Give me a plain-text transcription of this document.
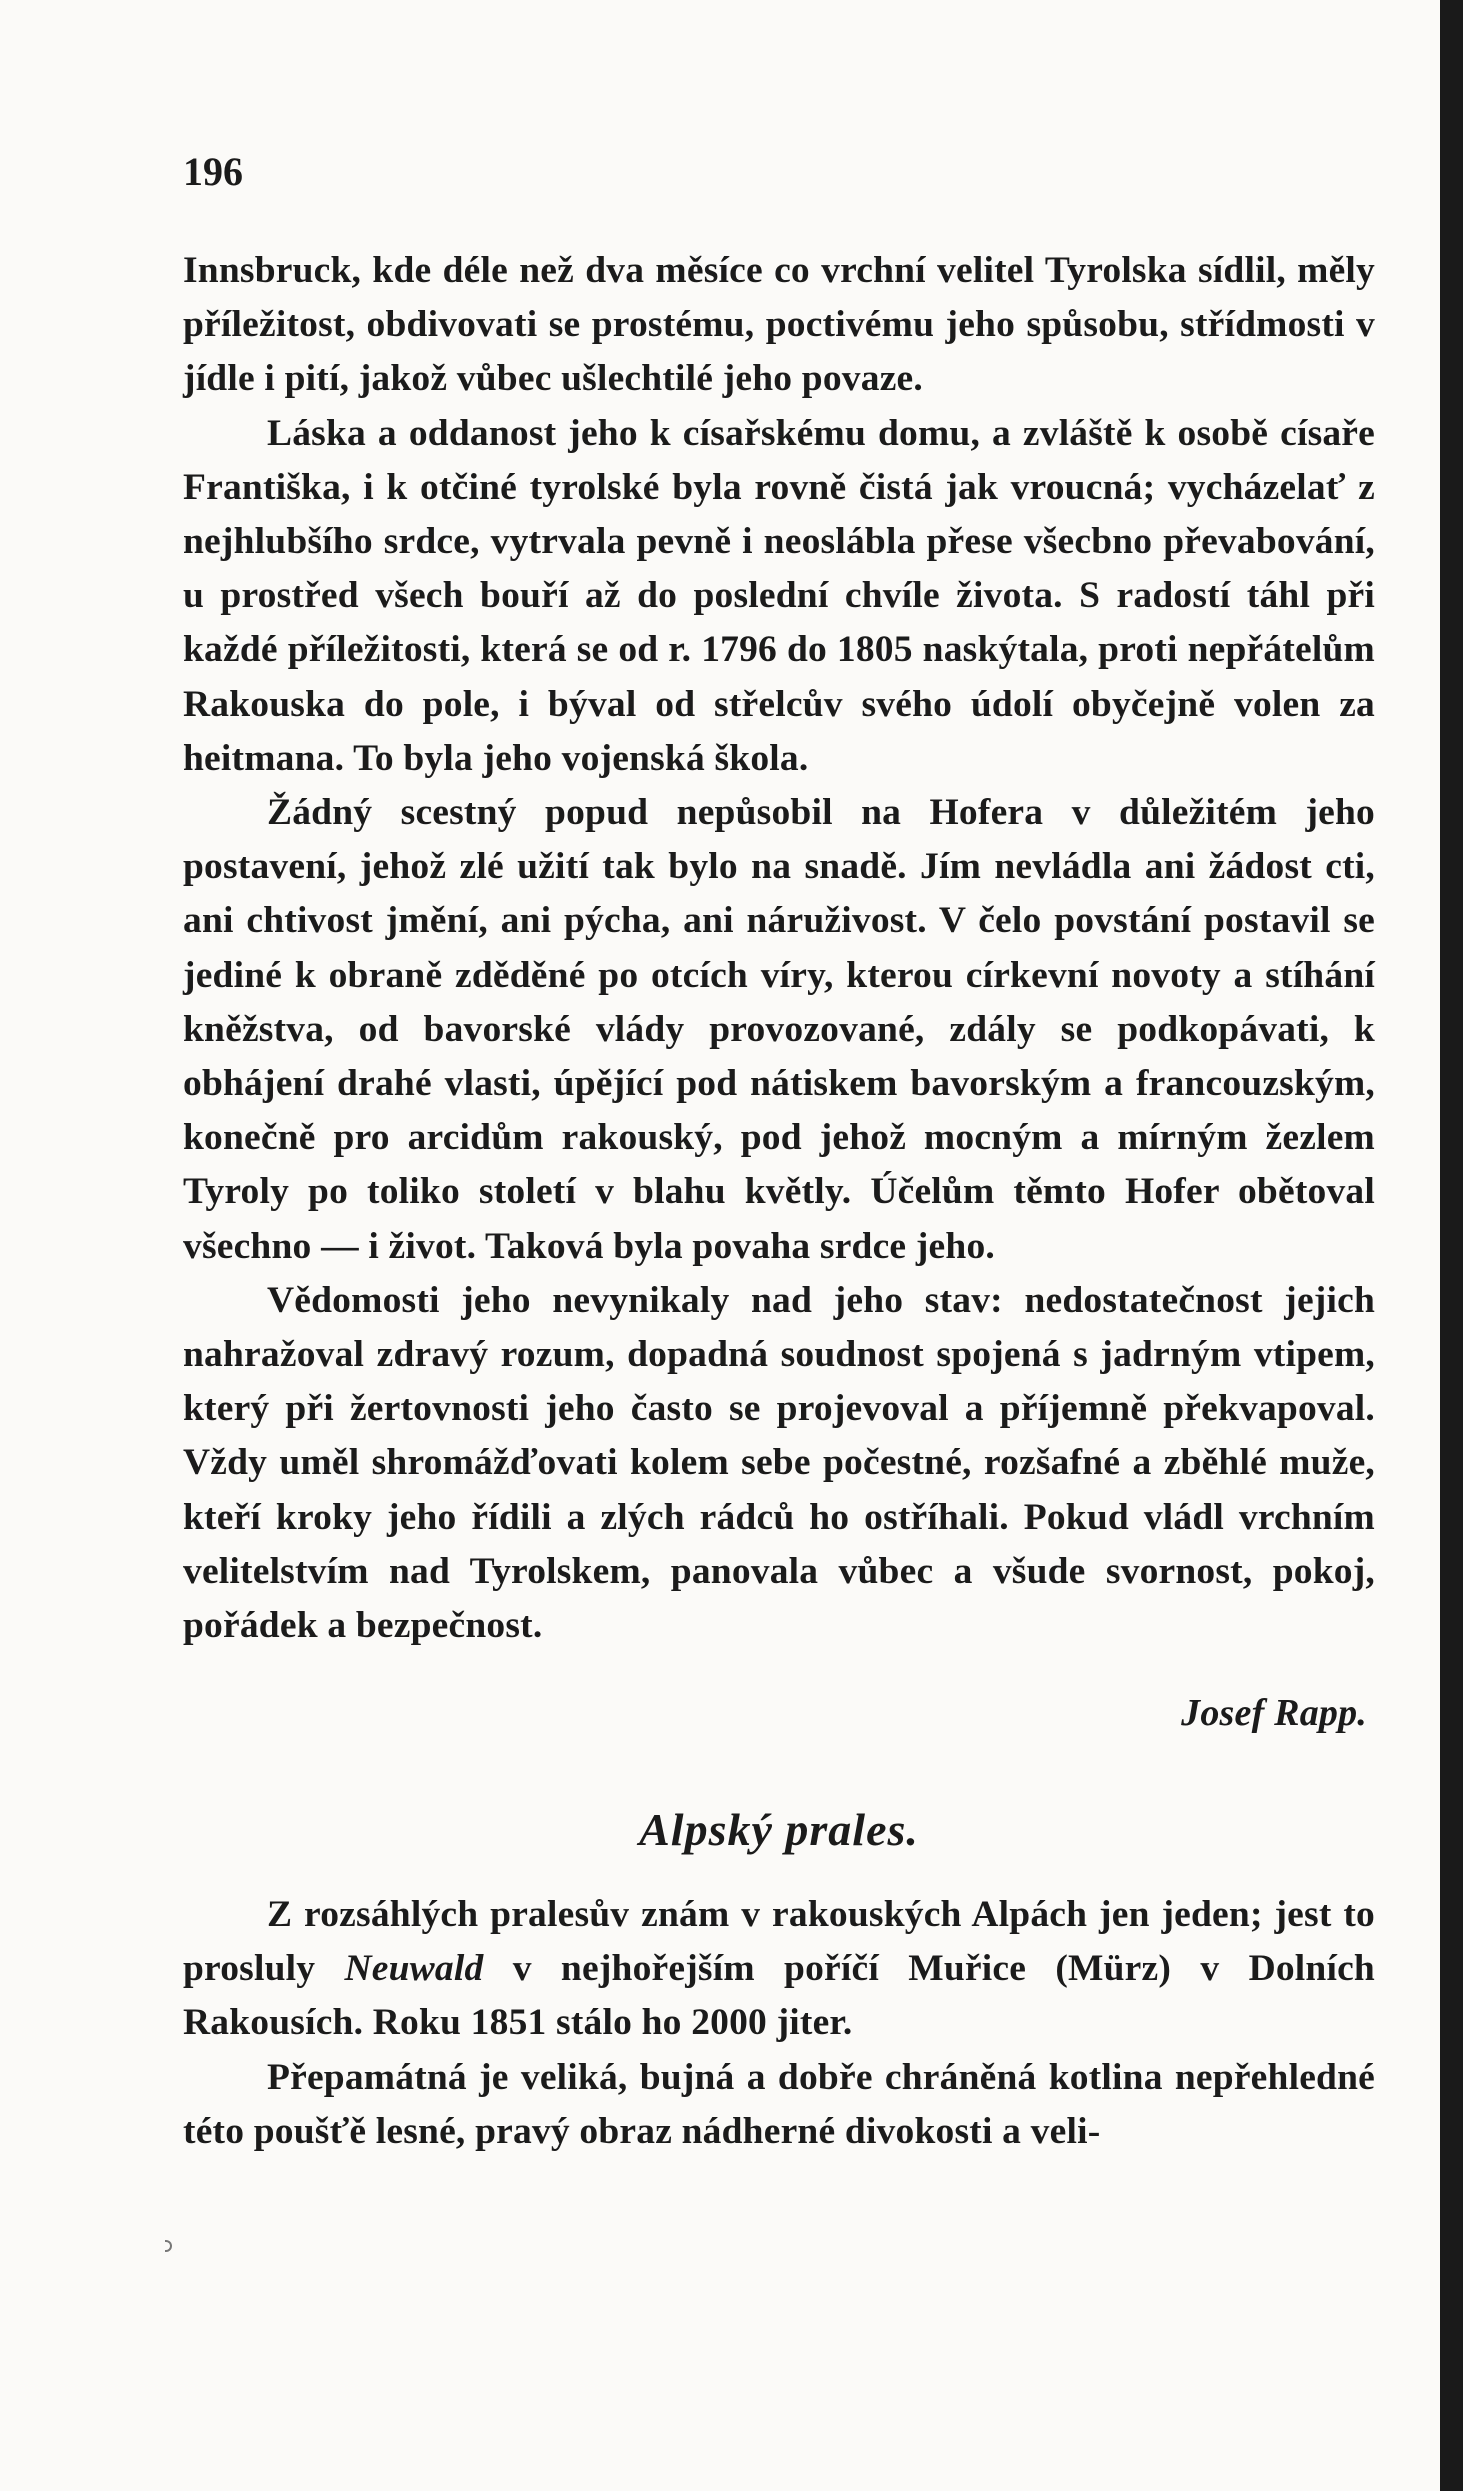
196

Innsbruck, kde déle než dva měsíce co vrchní velitel Tyrolska sídlil, měly příležitost, obdivovati se prostému, poctivému jeho spůsobu, střídmosti v jídle i pití, jakož vůbec ušlechtilé jeho povaze.

Láska a oddanost jeho k císařskému domu, a zvláště k osobě císaře Františka, i k otčiné tyrolské byla rovně čistá jak vroucná; vycházelať z nejhlubšího srdce, vytrvala pevně i neoslábla přese všecbno převabování, u prostřed všech bouří až do poslední chvíle života. S radostí táhl při každé příležitosti, která se od r. 1796 do 1805 naskýtala, proti nepřátelům Rakouska do pole, i býval od střelcův svého údolí obyčejně volen za heitmana. To byla jeho vojenská škola.

Žádný scestný popud nepůsobil na Hofera v důležitém jeho postavení, jehož zlé užití tak bylo na snadě. Jím nevládla ani žádost cti, ani chtivost jmění, ani pýcha, ani náruživost. V čelo povstání postavil se jediné k obraně zděděné po otcích víry, kterou církevní novoty a stíhání kněžstva, od bavorské vlády provozované, zdály se podkopávati, k obhájení drahé vlasti, úpějící pod nátiskem bavorským a francouzským, konečně pro arcidům rakouský, pod jehož mocným a mírným žezlem Tyroly po toliko století v blahu květly. Účelům těmto Hofer obětoval všechno — i život. Taková byla povaha srdce jeho.

Vědomosti jeho nevynikaly nad jeho stav: nedostatečnost jejich nahražoval zdravý rozum, dopadná soudnost spojená s jadrným vtipem, který při žertovnosti jeho často se projevoval a příjemně překvapoval. Vždy uměl shromážďovati kolem sebe počestné, rozšafné a zběhlé muže, kteří kroky jeho řídili a zlých rádců ho ostříhali. Pokud vládl vrchním velitelstvím nad Tyrolskem, panovala vůbec a všude svornost, pokoj, pořádek a bezpečnost.

Josef Rapp.
Alpský prales.

Z rozsáhlých pralesův znám v rakouských Alpách jen jeden; jest to prosluly Neuwald v nejhořejším poříčí Muřice (Mürz) v Dolních Rakousích. Roku 1851 stálo ho 2000 jiter.

Přepamátná je veliká, bujná a dobře chráněná kotlina nepřehledné této poušťě lesné, pravý obraz nádherné divokosti a veli-
